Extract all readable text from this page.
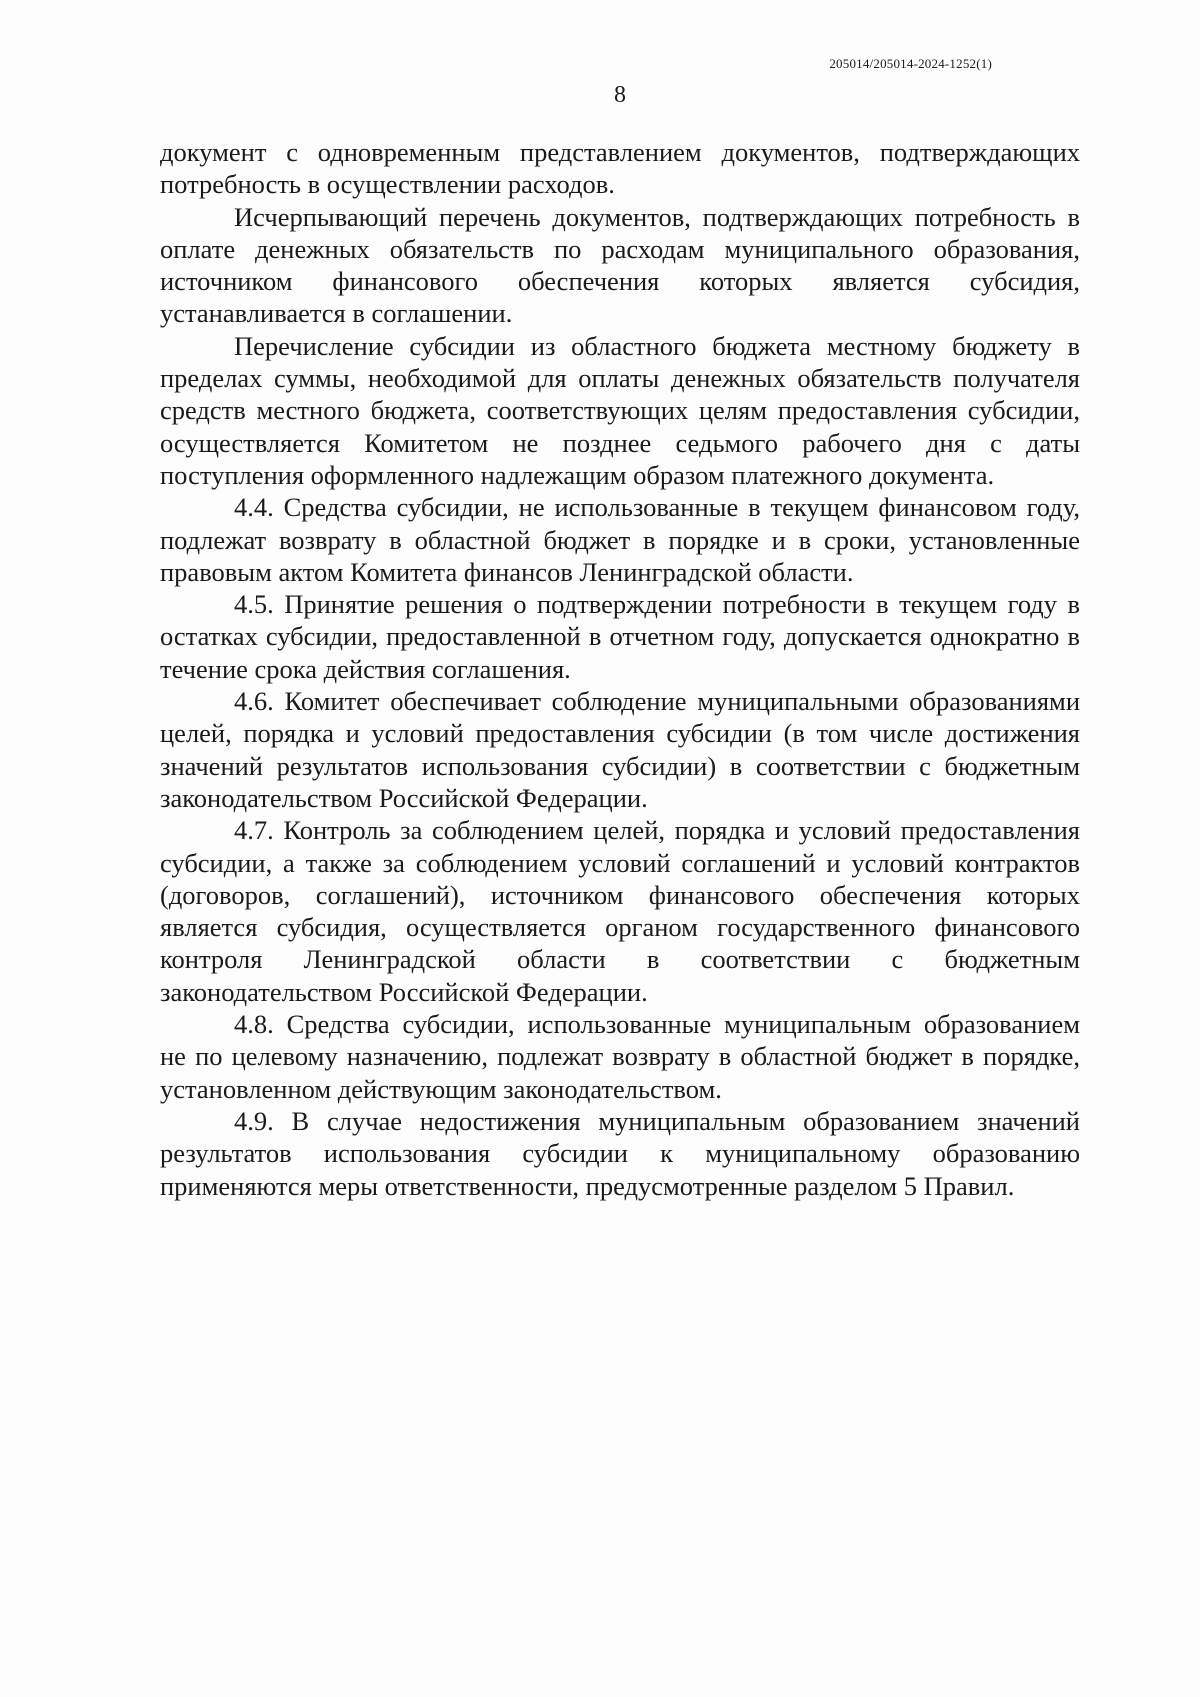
205014/205014-2024-1252(1)
8

документ с одновременным представлением документов, подтверждающих потребность в осуществлении расходов.

Исчерпывающий перечень документов, подтверждающих потребность в оплате денежных обязательств по расходам муниципального образования, источником финансового обеспечения которых является субсидия, устанавливается в соглашении.

Перечисление субсидии из областного бюджета местному бюджету в пределах суммы, необходимой для оплаты денежных обязательств получателя средств местного бюджета, соответствующих целям предоставления субсидии, осуществляется Комитетом не позднее седьмого рабочего дня с даты поступления оформленного надлежащим образом платежного документа.

4.4. Средства субсидии, не использованные в текущем финансовом году, подлежат возврату в областной бюджет в порядке и в сроки, установленные правовым актом Комитета финансов Ленинградской области.

4.5. Принятие решения о подтверждении потребности в текущем году в остатках субсидии, предоставленной в отчетном году, допускается однократно в течение срока действия соглашения.

4.6. Комитет обеспечивает соблюдение муниципальными образованиями целей, порядка и условий предоставления субсидии (в том числе достижения значений результатов использования субсидии) в соответствии с бюджетным законодательством Российской Федерации.

4.7. Контроль за соблюдением целей, порядка и условий предоставления субсидии, а также за соблюдением условий соглашений и условий контрактов (договоров, соглашений), источником финансового обеспечения которых является субсидия, осуществляется органом государственного финансового контроля Ленинградской области в соответствии с бюджетным законодательством Российской Федерации.

4.8. Средства субсидии, использованные муниципальным образованием не по целевому назначению, подлежат возврату в областной бюджет в порядке, установленном действующим законодательством.

4.9. В случае недостижения муниципальным образованием значений результатов использования субсидии к муниципальному образованию применяются меры ответственности, предусмотренные разделом 5 Правил.
